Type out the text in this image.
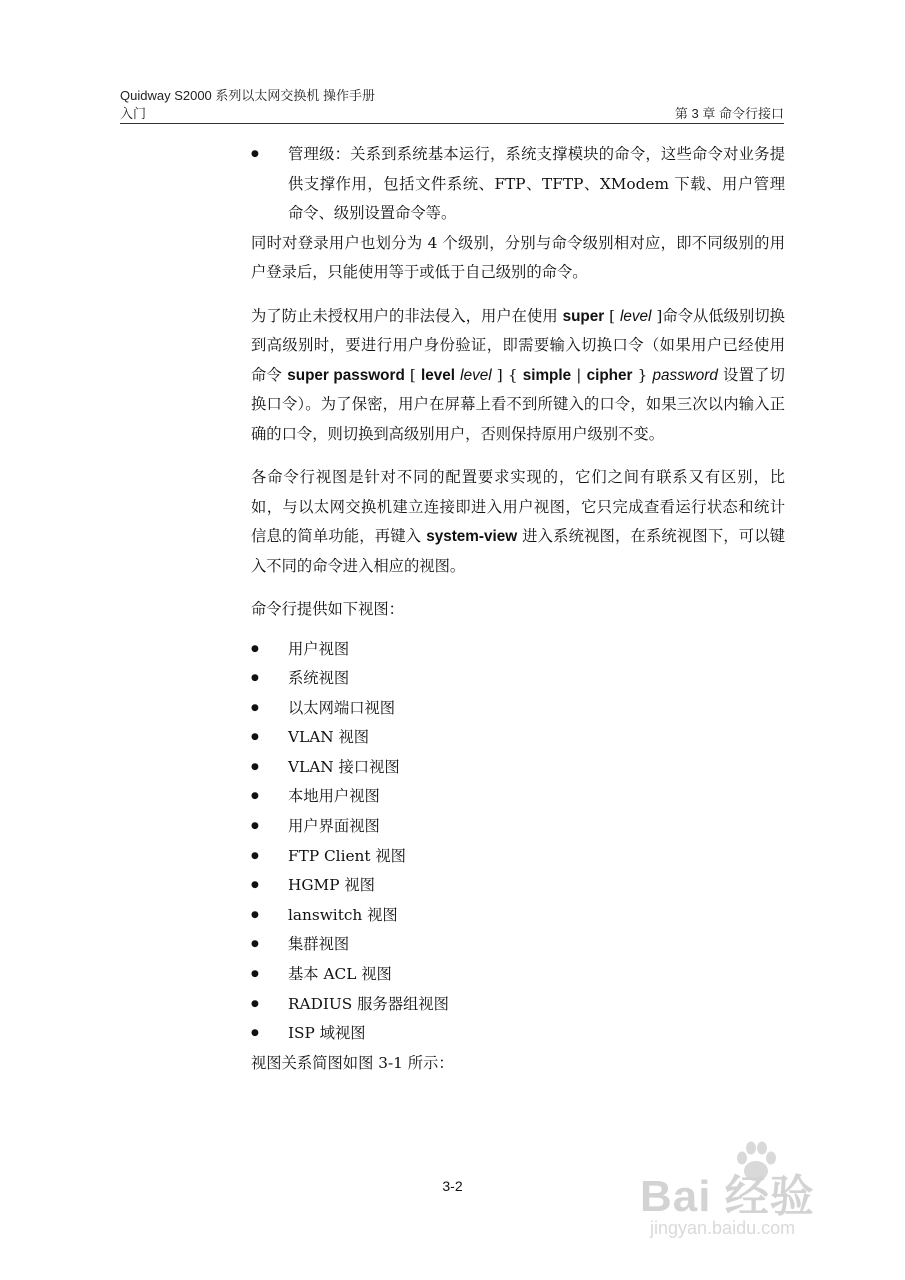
Quidway S2000 系列以太网交换机 操作手册
入门	第 3 章 命令行接口
● 管理级：关系到系统基本运行，系统支撑模块的命令，这些命令对业务提供支撑作用，包括文件系统、FTP、TFTP、XModem 下载、用户管理命令、级别设置命令等。

同时对登录用户也划分为 4 个级别，分别与命令级别相对应，即不同级别的用户登录后，只能使用等于或低于自己级别的命令。

为了防止未授权用户的非法侵入，用户在使用 super [ level ]命令从低级别切换到高级别时，要进行用户身份验证，即需要输入切换口令（如果用户已经使用命令 super password [ level level ] { simple | cipher } password 设置了切换口令）。为了保密，用户在屏幕上看不到所键入的口令，如果三次以内输入正确的口令，则切换到高级别用户，否则保持原用户级别不变。

各命令行视图是针对不同的配置要求实现的，它们之间有联系又有区别，比如，与以太网交换机建立连接即进入用户视图，它只完成查看运行状态和统计信息的简单功能，再键入 system-view 进入系统视图，在系统视图下，可以键入不同的命令进入相应的视图。

命令行提供如下视图：

● 用户视图
● 系统视图
● 以太网端口视图
● VLAN 视图
● VLAN 接口视图
● 本地用户视图
● 用户界面视图
● FTP Client 视图
● HGMP 视图
● lanswitch 视图
● 集群视图
● 基本 ACL 视图
● RADIUS 服务器组视图
● ISP 域视图

视图关系简图如图 3-1 所示：

3-2	Bai 经验
jingyan.baidu.com
